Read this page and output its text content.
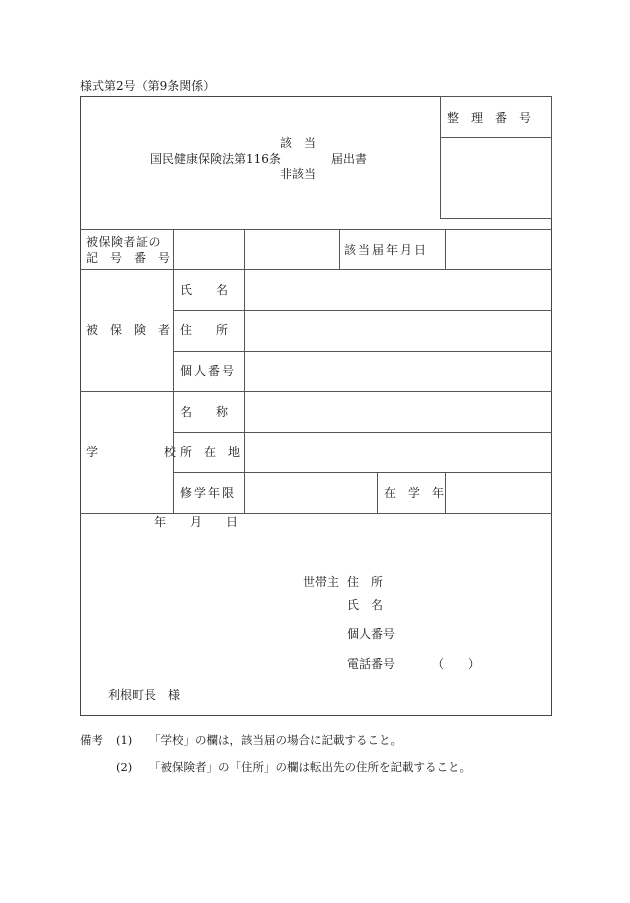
様式第2号（第9条関係）
整　理　番　号
該　当
国民健康保険法第116条	届出書
非該当
被保険者証の
記　号　番　号
該当届年月日
被　保　険　者
氏　　名
住　　所
個人番号
学　　校
名　　称
所　在　地
修学年限	在　学　年
年　　月　　日
世帯主 住　所
氏　名
個人番号
電話番号	（　　）
利根町長　様
備考 (1) 「学校」の欄は，該当届の場合に記載すること。
(2) 「被保険者」の「住所」の欄は転出先の住所を記載すること。
